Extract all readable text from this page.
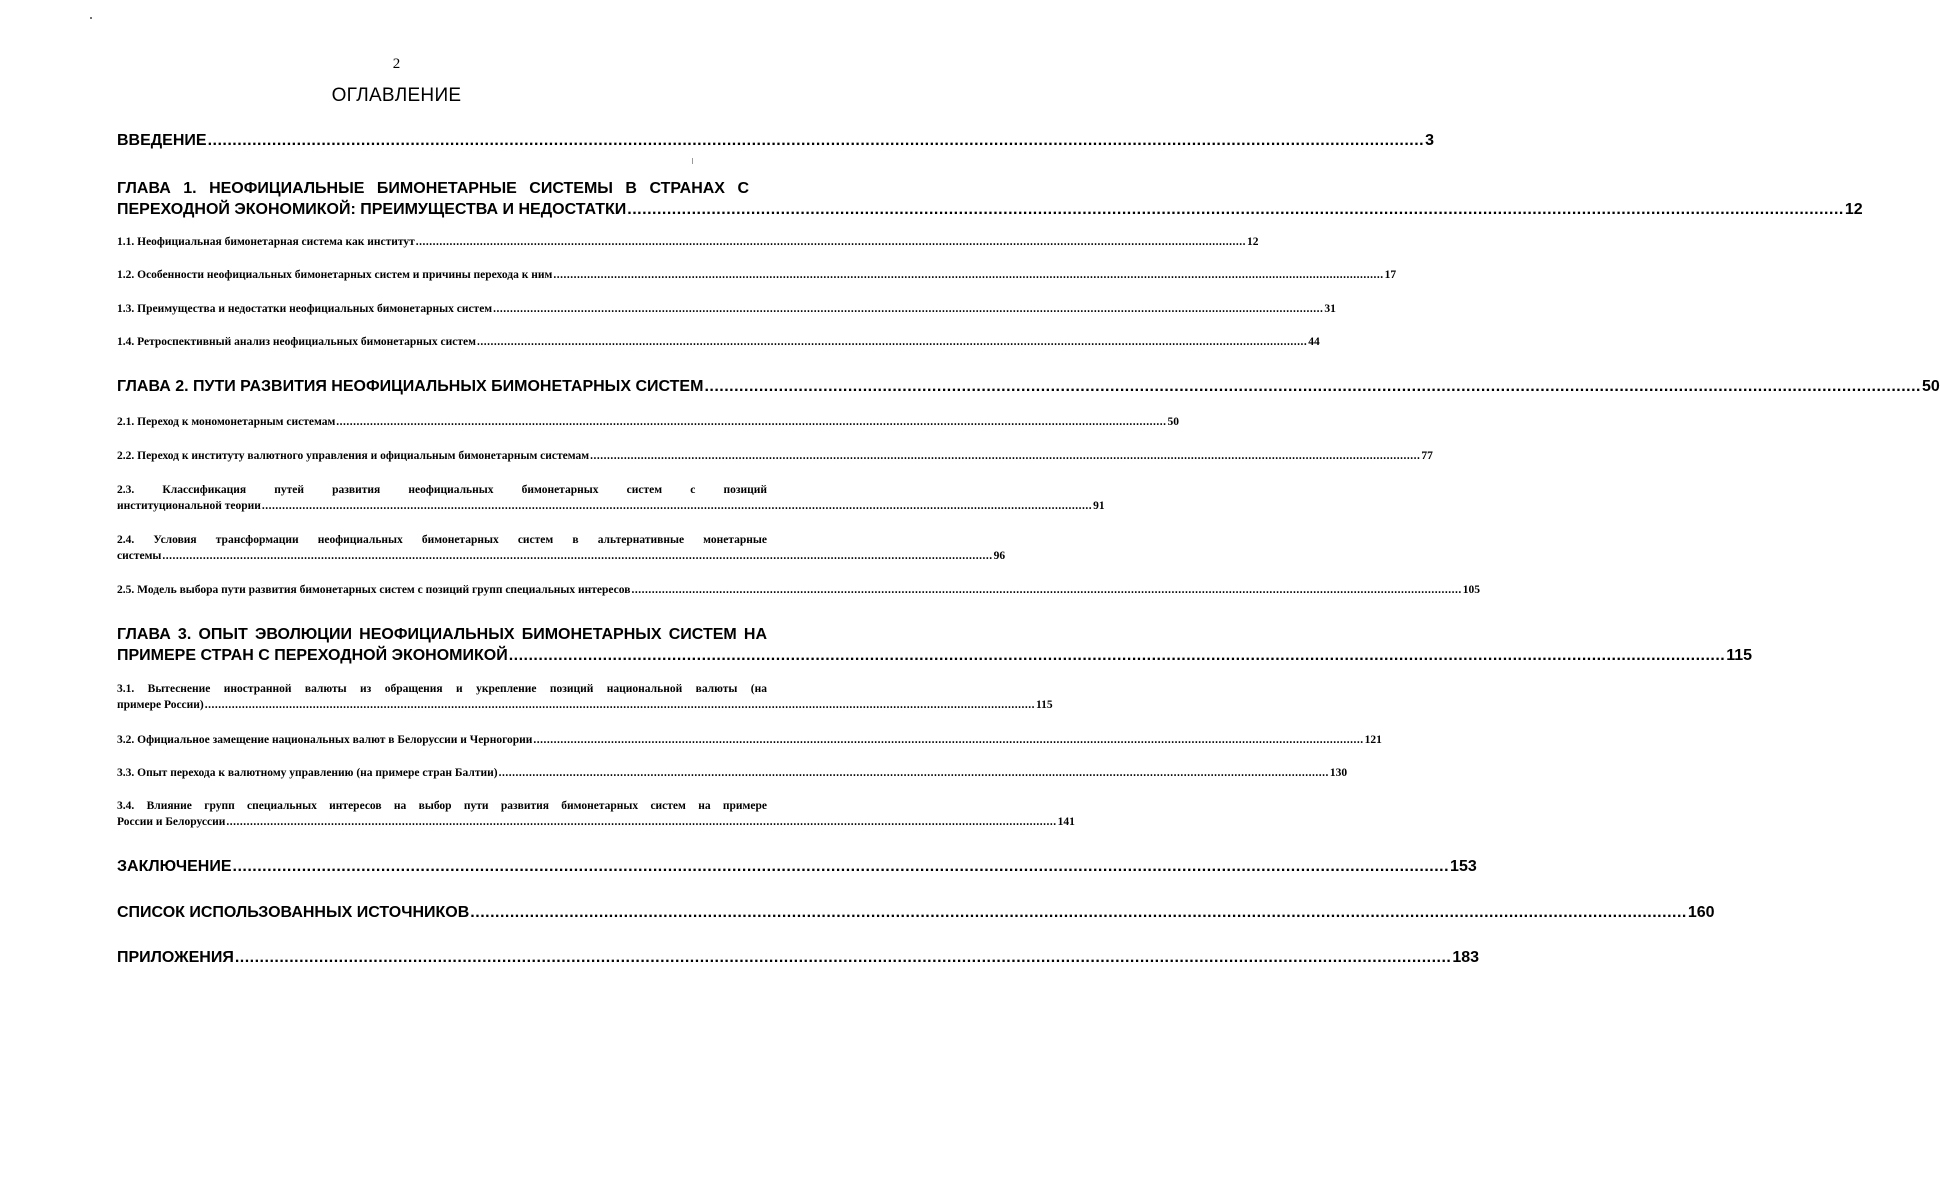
2
ОГЛАВЛЕНИЕ
ВВЕДЕНИЕ ...................................................................................................................................................................................................................................................... 3
ГЛАВА 1. НЕОФИЦИАЛЬНЫЕ БИМОНЕТАРНЫЕ СИСТЕМЫ В СТРАНАХ С
ПЕРЕХОДНОЙ ЭКОНОМИКОЙ: ПРЕИМУЩЕСТВА И НЕДОСТАТКИ ...................................................................................................................................................................................................................................................... 12
1.1. Неофициальная бимонетарная система как институт ...................................................................................................................................................................................................................................................... 12
1.2. Особенности неофициальных бимонетарных систем и причины перехода к ним ...................................................................................................................................................................................................................................................... 17
1.3. Преимущества и недостатки неофициальных бимонетарных систем ...................................................................................................................................................................................................................................................... 31
1.4. Ретроспективный анализ неофициальных бимонетарных систем ...................................................................................................................................................................................................................................................... 44
ГЛАВА 2. ПУТИ РАЗВИТИЯ НЕОФИЦИАЛЬНЫХ БИМОНЕТАРНЫХ СИСТЕМ ...................................................................................................................................................................................................................................................... 50
2.1. Переход к мономонетарным системам ...................................................................................................................................................................................................................................................... 50
2.2. Переход к институту валютного управления и официальным бимонетарным системам ...................................................................................................................................................................................................................................................... 77
2.3. Классификация путей развития неофициальных бимонетарных систем с позиций
институциональной теории ...................................................................................................................................................................................................................................................... 91
2.4. Условия трансформации неофициальных бимонетарных систем в альтернативные монетарные
системы ...................................................................................................................................................................................................................................................... 96
2.5. Модель выбора пути развития бимонетарных систем с позиций групп специальных интересов ...................................................................................................................................................................................................................................................... 105
ГЛАВА 3. ОПЫТ ЭВОЛЮЦИИ НЕОФИЦИАЛЬНЫХ БИМОНЕТАРНЫХ СИСТЕМ НА
ПРИМЕРЕ СТРАН С ПЕРЕХОДНОЙ ЭКОНОМИКОЙ ...................................................................................................................................................................................................................................................... 115
3.1. Вытеснение иностранной валюты из обращения и укрепление позиций национальной валюты (на
примере России) ...................................................................................................................................................................................................................................................... 115
3.2. Официальное замещение национальных валют в Белоруссии и Черногории ...................................................................................................................................................................................................................................................... 121
3.3. Опыт перехода к валютному управлению (на примере стран Балтии) ...................................................................................................................................................................................................................................................... 130
3.4. Влияние групп специальных интересов на выбор пути развития бимонетарных систем на примере
России и Белоруссии ...................................................................................................................................................................................................................................................... 141
ЗАКЛЮЧЕНИЕ ...................................................................................................................................................................................................................................................... 153
СПИСОК ИСПОЛЬЗОВАННЫХ ИСТОЧНИКОВ ...................................................................................................................................................................................................................................................... 160
ПРИЛОЖЕНИЯ ...................................................................................................................................................................................................................................................... 183
